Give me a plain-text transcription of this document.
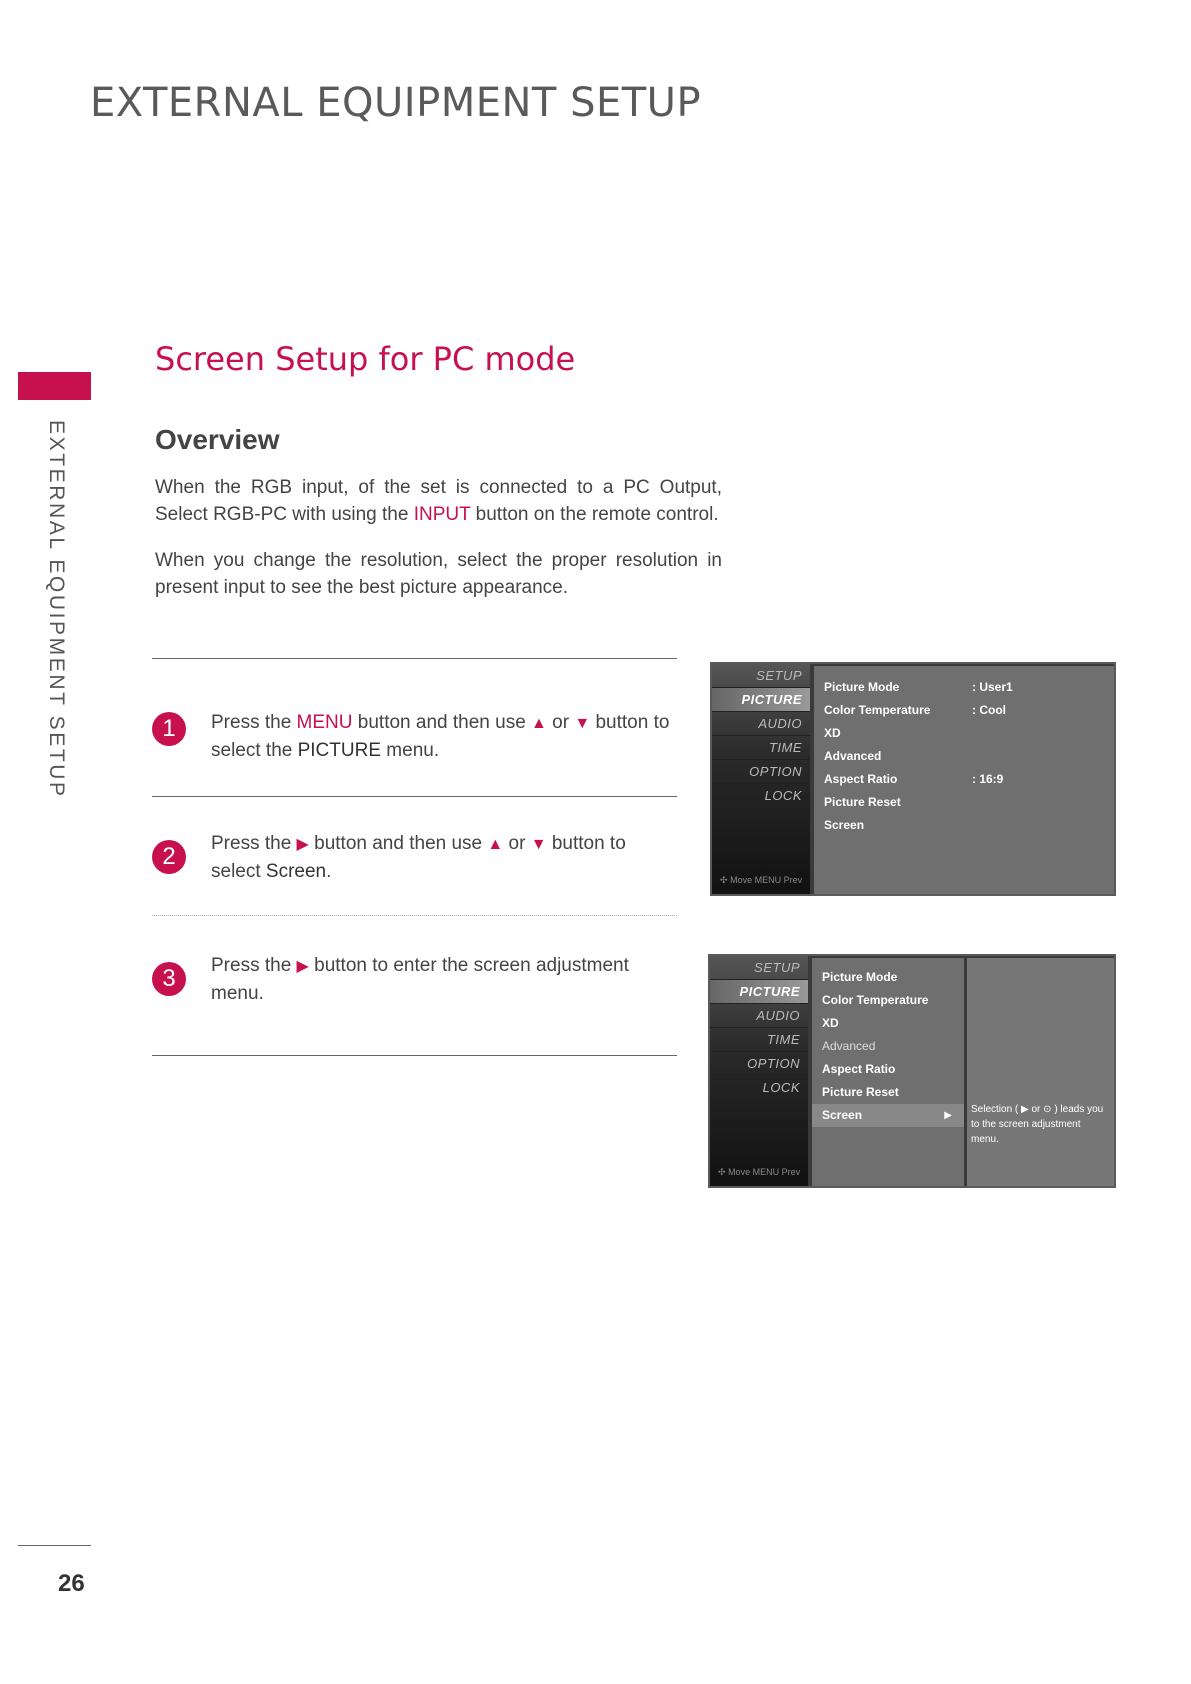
EXTERNAL EQUIPMENT SETUP
EXTERNAL EQUIPMENT SETUP
Screen Setup for PC mode
Overview

When the RGB input, of the set is connected to a PC Output, Select RGB-PC with using the INPUT button on the remote control.

When you change the resolution, select the proper resolution in present input to see the best picture appearance.

1	Press the MENU button and then use ▲ or ▼ button to select the PICTURE menu.

2	Press the ▶ button and then use ▲ or ▼ button to select Screen.

3	Press the ▶ button to enter the screen adjustment menu.

SETUP
PICTURE
AUDIO
TIME
OPTION
LOCK
✣ Move MENU Prev
Picture Mode	: User1
Color Temperature	: Cool
XD
Advanced
Aspect Ratio	: 16:9
Picture Reset
Screen
SETUP
PICTURE
AUDIO
TIME
OPTION
LOCK
✣ Move MENU Prev
Picture Mode
Color Temperature
XD
Advanced
Aspect Ratio
Picture Reset
Screen	▶
Selection ( ▶ or ⊙ ) leads you to the screen adjustment menu.
26
